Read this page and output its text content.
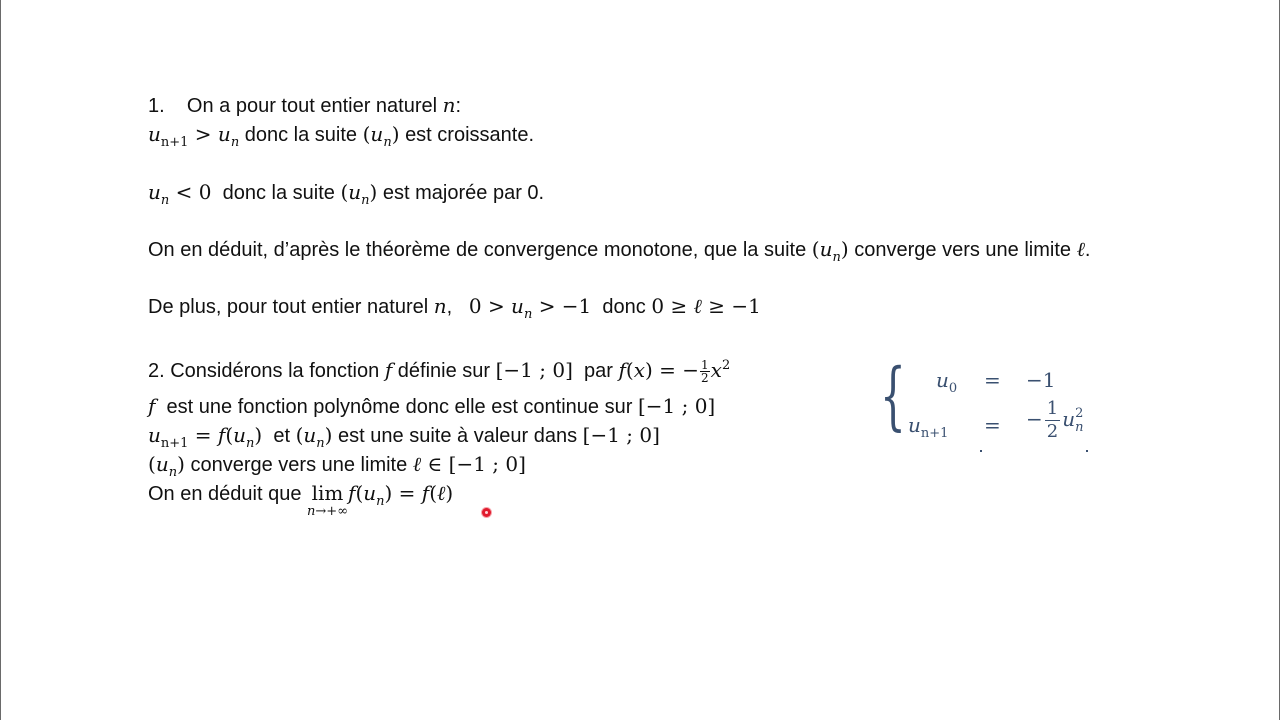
1. On a pour tout entier naturel n:
$u_{n+1} > u_n$ donc la suite $(u_n)$ est croissante.
$u_n < 0$ donc la suite $(u_n)$ est majorée par 0.
On en déduit, d’après le théorème de convergence monotone, que la suite $(u_n)$ converge vers une limite ℓ.
De plus, pour tout entier naturel n,   $0 > u_n > -1$ donc 0 ≥ ℓ ≥ −1
2. Considérons la fonction f définie sur [−1 ; 0] par f(x) = − $\frac{1}{2} x^2$
f est une fonction polynôme donc elle est continue sur [−1 ; 0]
$u_{n+1} = f(u_n)$ et $(u_n)$ est une suite à valeur dans [−1 ; 0]
$(u_n)$ converge vers une limite ℓ ∈ [−1 ; 0]
On en déduit que lim
n→+∞
$f(u_n)$ = f(ℓ)
{ $u_0 = -1$
$u_{n+1}$ = − $\frac{1}{2}$ u 2
n
